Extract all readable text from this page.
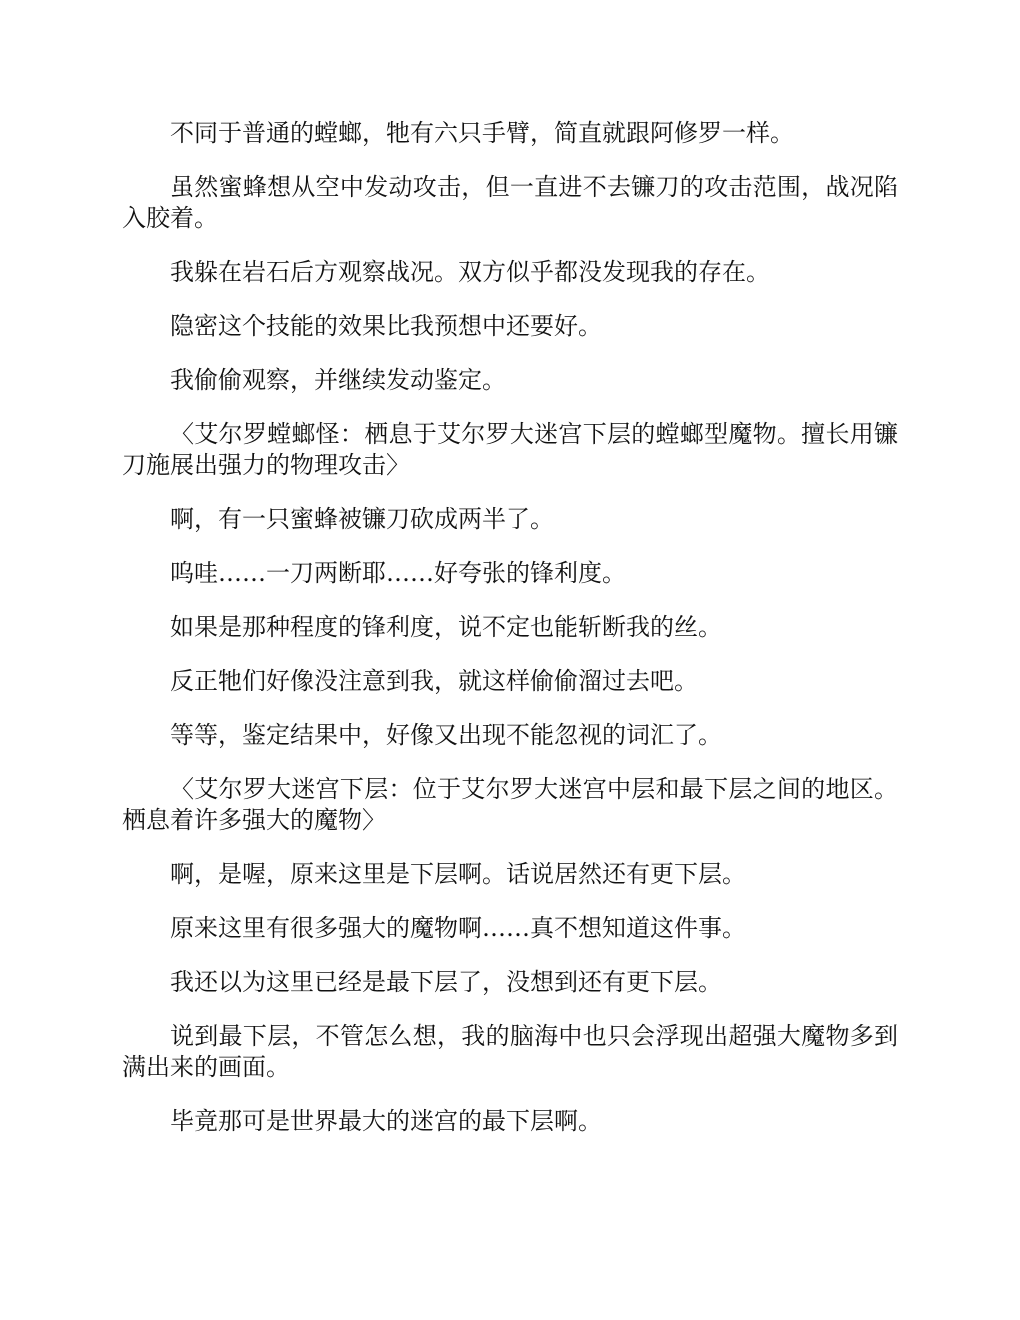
不同于普通的螳螂，牠有六只手臂，简直就跟阿修罗一样。

虽然蜜蜂想从空中发动攻击，但一直进不去镰刀的攻击范围，战况陷入胶着。

我躲在岩石后方观察战况。双方似乎都没发现我的存在。

隐密这个技能的效果比我预想中还要好。

我偷偷观察，并继续发动鉴定。

〈艾尔罗螳螂怪：栖息于艾尔罗大迷宫下层的螳螂型魔物。擅长用镰刀施展出强力的物理攻击〉

啊，有一只蜜蜂被镰刀砍成两半了。

呜哇……一刀两断耶……好夸张的锋利度。

如果是那种程度的锋利度，说不定也能斩断我的丝。

反正牠们好像没注意到我，就这样偷偷溜过去吧。

等等，鉴定结果中，好像又出现不能忽视的词汇了。

〈艾尔罗大迷宫下层：位于艾尔罗大迷宫中层和最下层之间的地区。栖息着许多强大的魔物〉

啊，是喔，原来这里是下层啊。话说居然还有更下层。

原来这里有很多强大的魔物啊……真不想知道这件事。

我还以为这里已经是最下层了，没想到还有更下层。

说到最下层，不管怎么想，我的脑海中也只会浮现出超强大魔物多到满出来的画面。

毕竟那可是世界最大的迷宫的最下层啊。
